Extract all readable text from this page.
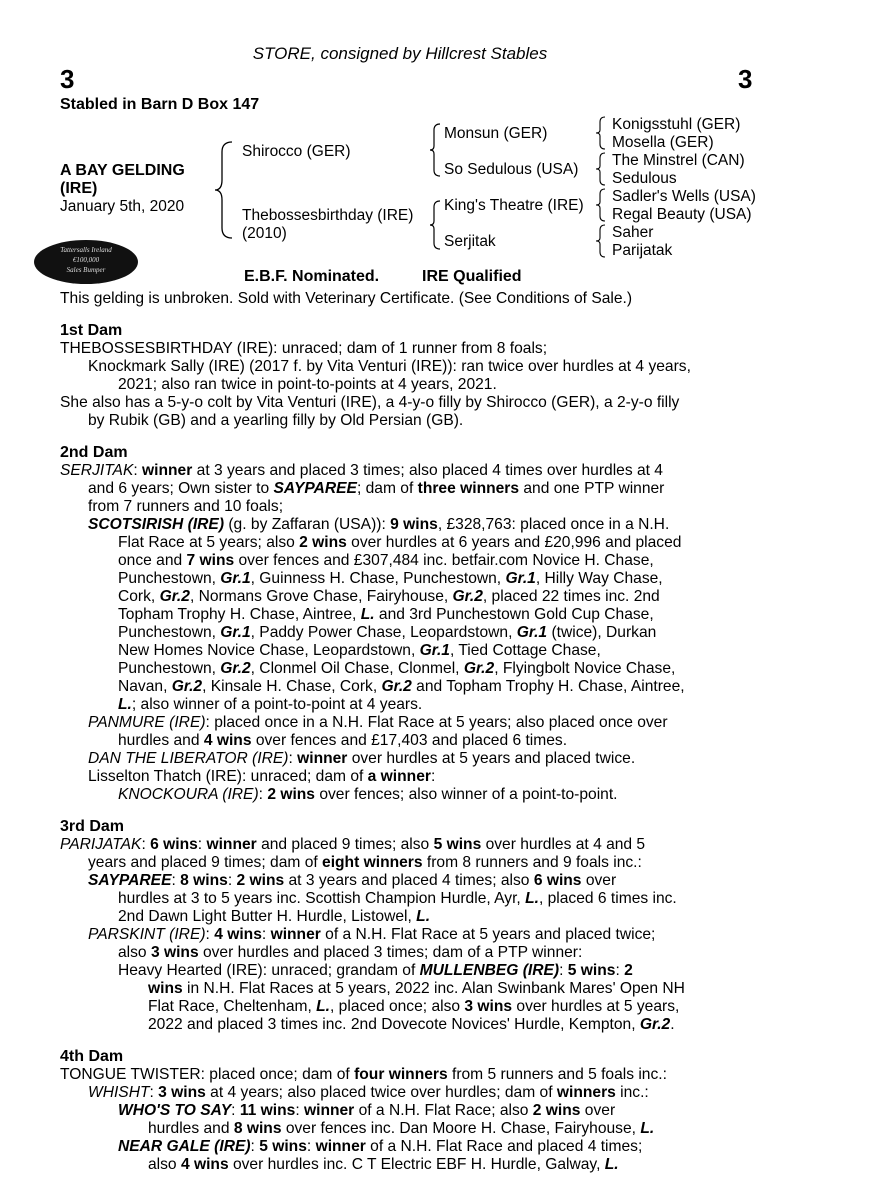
STORE, consigned by Hillcrest Stables
3	3
Stabled in Barn D Box 147
A BAY GELDING
(IRE)
January 5th, 2020
Shirocco (GER)
Thebossesbirthday (IRE)
(2010)
Monsun (GER)
So Sedulous (USA)
King's Theatre (IRE)
Serjitak
Konigsstuhl (GER)
Mosella (GER)
The Minstrel (CAN)
Sedulous
Sadler's Wells (USA)
Regal Beauty (USA)
Saher
Parijatak
Tattersalls Ireland
€100,000
Sales Bumper	E.B.F. Nominated.	IRE Qualified

This gelding is unbroken. Sold with Veterinary Certificate. (See Conditions of Sale.)

1st Dam

THEBOSSESBIRTHDAY (IRE): unraced; dam of 1 runner from 8 foals;

Knockmark Sally (IRE) (2017 f. by Vita Venturi (IRE)): ran twice over hurdles at 4 years,

2021; also ran twice in point-to-points at 4 years, 2021.

She also has a 5-y-o colt by Vita Venturi (IRE), a 4-y-o filly by Shirocco (GER), a 2-y-o filly

by Rubik (GB) and a yearling filly by Old Persian (GB).

2nd Dam

SERJITAK: winner at 3 years and placed 3 times; also placed 4 times over hurdles at 4

and 6 years; Own sister to SAYPAREE; dam of three winners and one PTP winner

from 7 runners and 10 foals;

SCOTSIRISH (IRE) (g. by Zaffaran (USA)): 9 wins, £328,763: placed once in a N.H.

Flat Race at 5 years; also 2 wins over hurdles at 6 years and £20,996 and placed

once and 7 wins over fences and £307,484 inc. betfair.com Novice H. Chase,

Punchestown, Gr.1, Guinness H. Chase, Punchestown, Gr.1, Hilly Way Chase,

Cork, Gr.2, Normans Grove Chase, Fairyhouse, Gr.2, placed 22 times inc. 2nd

Topham Trophy H. Chase, Aintree, L. and 3rd Punchestown Gold Cup Chase,

Punchestown, Gr.1, Paddy Power Chase, Leopardstown, Gr.1 (twice), Durkan

New Homes Novice Chase, Leopardstown, Gr.1, Tied Cottage Chase,

Punchestown, Gr.2, Clonmel Oil Chase, Clonmel, Gr.2, Flyingbolt Novice Chase,

Navan, Gr.2, Kinsale H. Chase, Cork, Gr.2 and Topham Trophy H. Chase, Aintree,

L.; also winner of a point-to-point at 4 years.

PANMURE (IRE): placed once in a N.H. Flat Race at 5 years; also placed once over

hurdles and 4 wins over fences and £17,403 and placed 6 times.

DAN THE LIBERATOR (IRE): winner over hurdles at 5 years and placed twice.

Lisselton Thatch (IRE): unraced; dam of a winner:

KNOCKOURA (IRE): 2 wins over fences; also winner of a point-to-point.

3rd Dam

PARIJATAK: 6 wins: winner and placed 9 times; also 5 wins over hurdles at 4 and 5

years and placed 9 times; dam of eight winners from 8 runners and 9 foals inc.:

SAYPAREE: 8 wins: 2 wins at 3 years and placed 4 times; also 6 wins over

hurdles at 3 to 5 years inc. Scottish Champion Hurdle, Ayr, L., placed 6 times inc.

2nd Dawn Light Butter H. Hurdle, Listowel, L.

PARSKINT (IRE): 4 wins: winner of a N.H. Flat Race at 5 years and placed twice;

also 3 wins over hurdles and placed 3 times; dam of a PTP winner:

Heavy Hearted (IRE): unraced; grandam of MULLENBEG (IRE): 5 wins: 2

wins in N.H. Flat Races at 5 years, 2022 inc. Alan Swinbank Mares' Open NH

Flat Race, Cheltenham, L., placed once; also 3 wins over hurdles at 5 years,

2022 and placed 3 times inc. 2nd Dovecote Novices' Hurdle, Kempton, Gr.2.

4th Dam

TONGUE TWISTER: placed once; dam of four winners from 5 runners and 5 foals inc.:

WHISHT: 3 wins at 4 years; also placed twice over hurdles; dam of winners inc.:

WHO'S TO SAY: 11 wins: winner of a N.H. Flat Race; also 2 wins over

hurdles and 8 wins over fences inc. Dan Moore H. Chase, Fairyhouse, L.

NEAR GALE (IRE): 5 wins: winner of a N.H. Flat Race and placed 4 times;

also 4 wins over hurdles inc. C T Electric EBF H. Hurdle, Galway, L.
